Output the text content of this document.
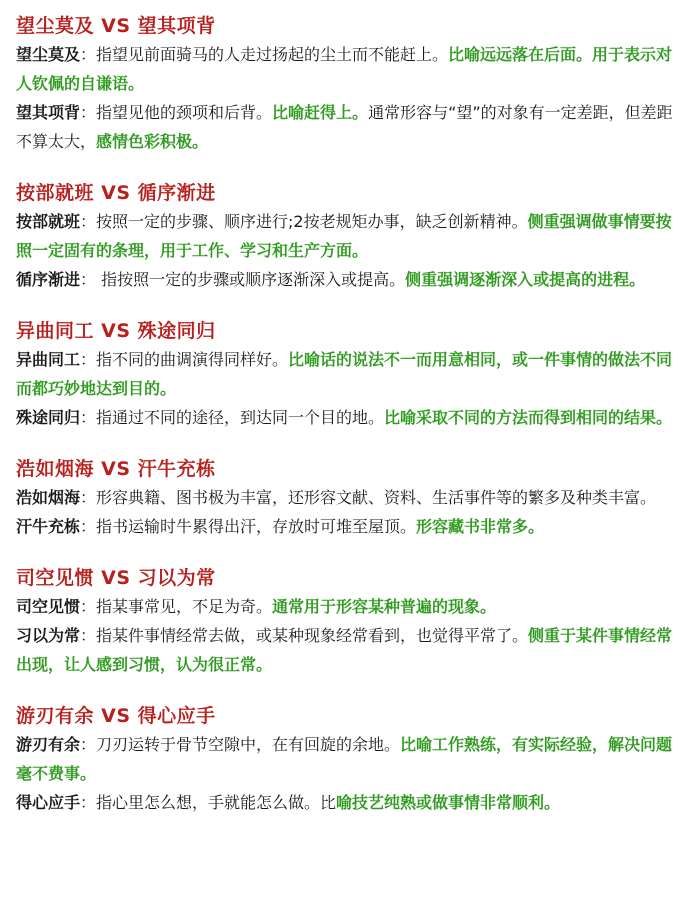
望尘莫及 VS 望其项背

望尘莫及：指望见前面骑马的人走过扬起的尘土而不能赶上。比喻远远落在后面。用于表示对人钦佩的自谦语。

望其项背：指望见他的颈项和后背。比喻赶得上。通常形容与“望”的对象有一定差距，但差距不算太大，感情色彩积极。

按部就班 VS 循序渐进

按部就班：按照一定的步骤、顺序进行;2按老规矩办事，缺乏创新精神。侧重强调做事情要按照一定固有的条理，用于工作、学习和生产方面。

循序渐进： 指按照一定的步骤或顺序逐渐深入或提高。侧重强调逐渐深入或提高的进程。

异曲同工 VS 殊途同归

异曲同工：指不同的曲调演得同样好。比喻话的说法不一而用意相同，或一件事情的做法不同而都巧妙地达到目的。

殊途同归：指通过不同的途径，到达同一个目的地。比喻采取不同的方法而得到相同的结果。

浩如烟海 VS 汗牛充栋

浩如烟海：形容典籍、图书极为丰富，还形容文献、资料、生活事件等的繁多及种类丰富。

汗牛充栋：指书运输时牛累得出汗，存放时可堆至屋顶。形容藏书非常多。

司空见惯 VS 习以为常

司空见惯：指某事常见，不足为奇。通常用于形容某种普遍的现象。

习以为常：指某件事情经常去做，或某种现象经常看到，也觉得平常了。侧重于某件事情经常出现，让人感到习惯，认为很正常。

游刃有余 VS 得心应手

游刃有余：刀刃运转于骨节空隙中，在有回旋的余地。比喻工作熟练，有实际经验，解决问题毫不费事。

得心应手：指心里怎么想，手就能怎么做。比喻技艺纯熟或做事情非常顺利。
